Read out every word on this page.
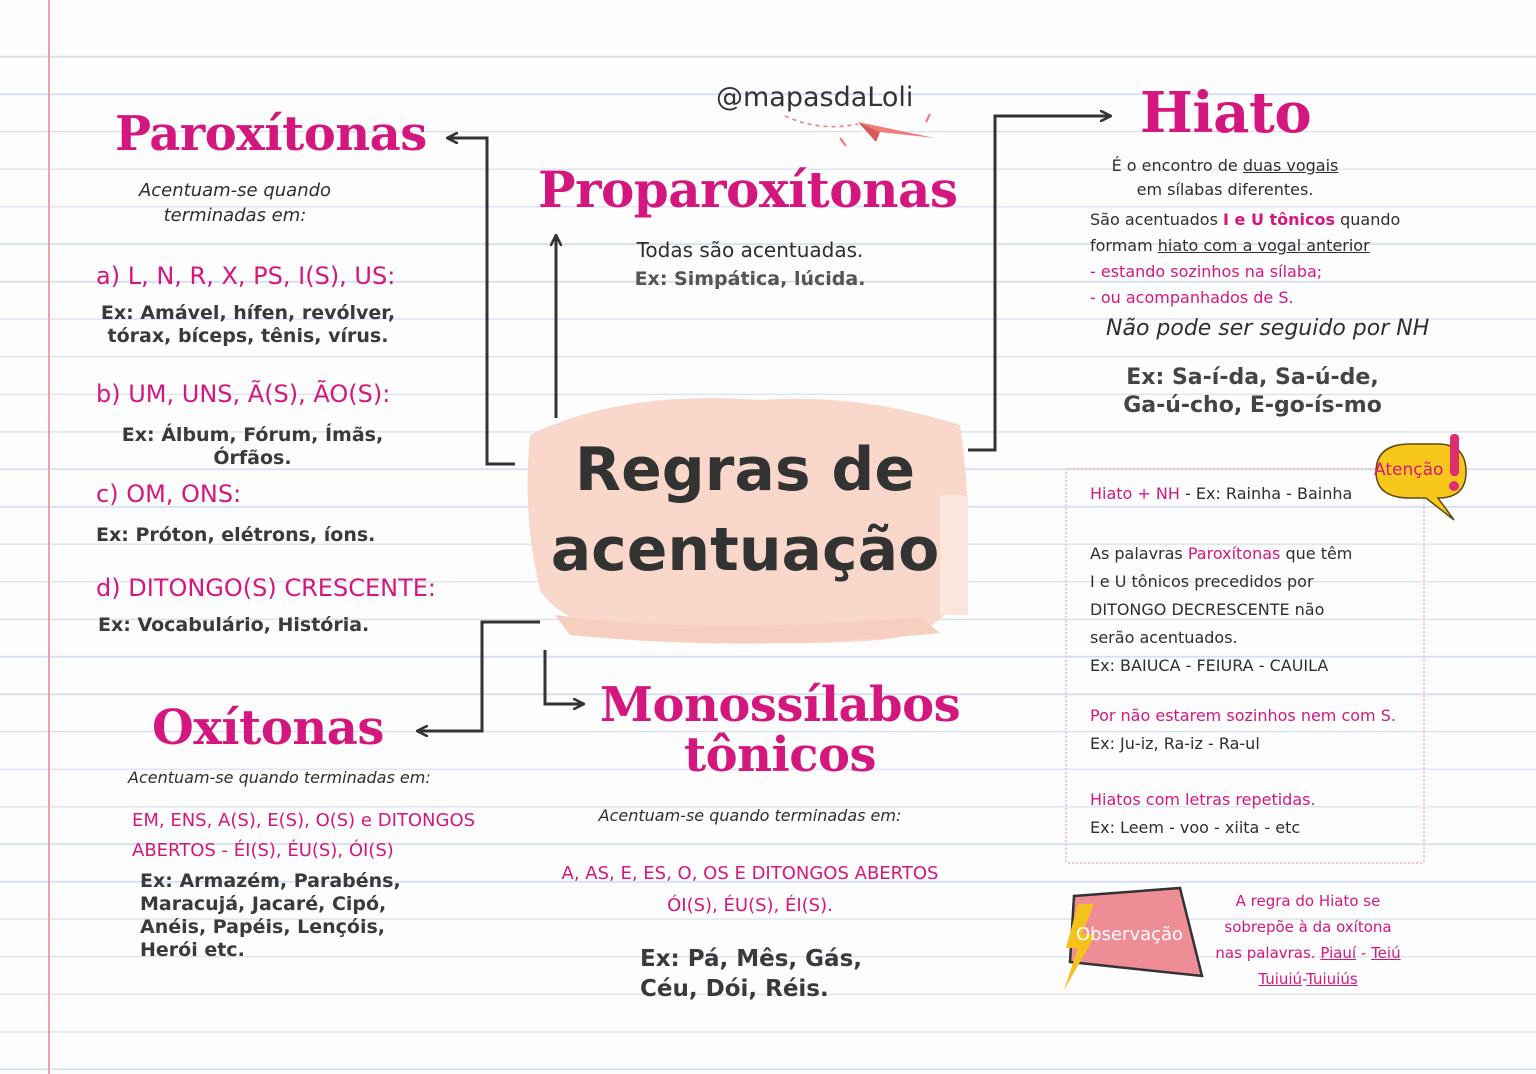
@mapasdaLoli
Regras de
acentuação
Paroxítonas
Acentuam-se quando
terminadas em:
a) L, N, R, X, PS, I(S), US:
Ex: Amável, hífen, revólver,
tórax, bíceps, tênis, vírus.
b) UM, UNS, Ã(S), ÃO(S):
Ex: Álbum, Fórum, Ímãs,
Órfãos.
c) OM, ONS:
Ex: Próton, elétrons, íons.
d) DITONGO(S) CRESCENTE:
Ex: Vocabulário, História.
Proparoxítonas
Todas são acentuadas.
Ex: Simpática, lúcida.
Hiato
É o encontro de duas vogais
em sílabas diferentes.
São acentuados I e U tônicos quando
formam hiato com a vogal anterior
- estando sozinhos na sílaba;
- ou acompanhados de S.
Não pode ser seguido por NH
Ex: Sa-í-da, Sa-ú-de,
Ga-ú-cho, E-go-ís-mo
Atenção
Hiato + NH - Ex: Rainha - Bainha
As palavras Paroxítonas que têm
I e U tônicos precedidos por
DITONGO DECRESCENTE não
serão acentuados.
Ex: BAIUCA - FEIURA - CAUILA
Por não estarem sozinhos nem com S.
Ex: Ju-iz, Ra-iz - Ra-ul
Hiatos com letras repetidas.
Ex: Leem - voo - xiita - etc
Observação
A regra do Hiato se
sobrepõe à da oxítona
nas palavras. Piauí - Teiú
Tuiuiú-Tuiuiús
Oxítonas
Acentuam-se quando terminadas em:
EM, ENS, A(S), E(S), O(S) e DITONGOS
ABERTOS - ÉI(S), ÉU(S), ÓI(S)
Ex: Armazém, Parabéns,
Maracujá, Jacaré, Cipó,
Anéis, Papéis, Lençóis,
Herói etc.
Monossílabos
tônicos
Acentuam-se quando terminadas em:
A, AS, E, ES, O, OS E DITONGOS ABERTOS
ÓI(S), ÉU(S), ÉI(S).
Ex: Pá, Mês, Gás,
Céu, Dói, Réis.
